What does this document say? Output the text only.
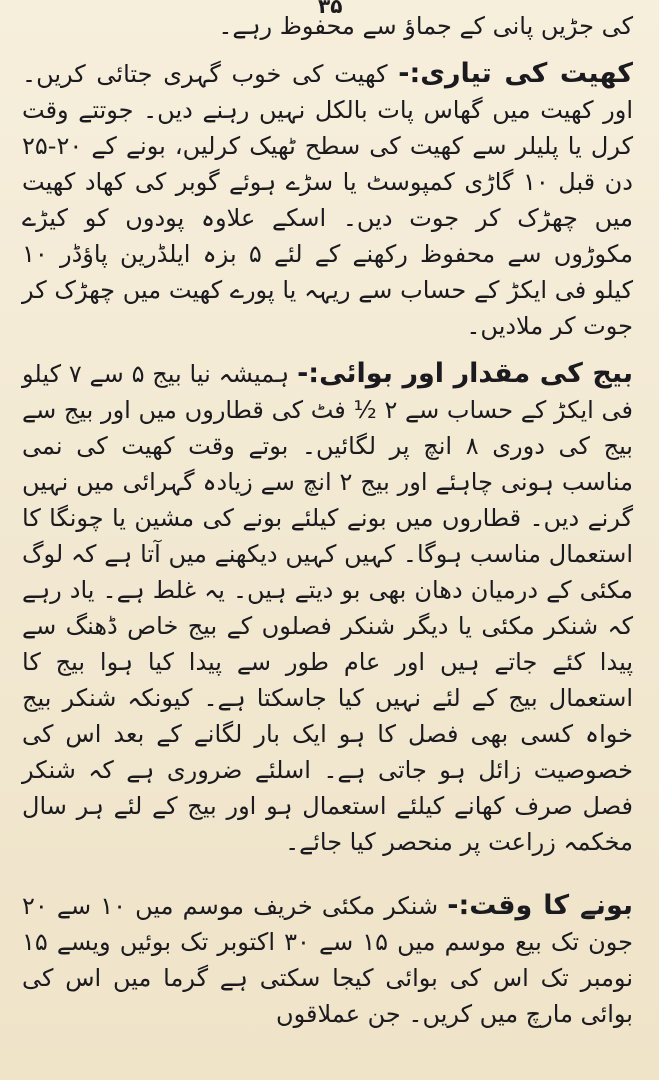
۳۵

کی جڑیں پانی کے جماؤ سے محفوظ رہے۔

کھیت کی تیاری:- کھیت کی خوب گہری جتائی کریں۔ اور کھیت میں گھاس پات بالکل نہیں رہنے دیں۔ جوتتے وقت کرل یا پلیلر سے کھیت کی سطح ٹھیک کرلیں، بونے کے ۲۰-۲۵ دن قبل ۱۰ گاڑی کمپوسٹ یا سڑے ہوئے گوبر کی کھاد کھیت میں چھڑک کر جوت دیں۔ اسکے علاوہ پودوں کو کیڑے مکوڑوں سے محفوظ رکھنے کے لئے ۵ بزہ ایلڈرین پاؤڈر ۱۰ کیلو فی ایکڑ کے حساب سے ریہہ یا پورے کھیت میں چھڑک کر جوت کر ملادیں۔

بیج کی مقدار اور بوائی:- ہمیشہ نیا بیج ۵ سے ۷ کیلو فی ایکڑ کے حساب سے ۲ ½ فٹ کی قطاروں میں اور بیج سے بیج کی دوری ۸ انچ پر لگائیں۔ بوتے وقت کھیت کی نمی مناسب ہونی چاہئے اور بیج ۲ انچ سے زیادہ گہرائی میں نہیں گرنے دیں۔ قطاروں میں بونے کیلئے بونے کی مشین یا چونگا کا استعمال مناسب ہوگا۔ کہیں کہیں دیکھنے میں آتا ہے کہ لوگ مکئی کے درمیان دھان بھی بو دیتے ہیں۔ یہ غلط ہے۔ یاد رہے کہ شنکر مکئی یا دیگر شنکر فصلوں کے بیج خاص ڈھنگ سے پیدا کئے جاتے ہیں اور عام طور سے پیدا کیا ہوا بیج کا استعمال بیج کے لئے نہیں کیا جاسکتا ہے۔ کیونکہ شنکر بیج خواہ کسی بھی فصل کا ہو ایک بار لگانے کے بعد اس کی خصوصیت زائل ہو جاتی ہے۔ اسلئے ضروری ہے کہ شنکر فصل صرف کھانے کیلئے استعمال ہو اور بیج کے لئے ہر سال مخکمہ زراعت پر منحصر کیا جائے۔

بونے کا وقت:- شنکر مکئی خریف موسم میں ۱۰ سے ۲۰ جون تک بیع موسم میں ۱۵ سے ۳۰ اکتوبر تک بوئیں ویسے ۱۵ نومبر تک اس کی بوائی کیجا سکتی ہے گرما میں اس کی بوائی مارچ میں کریں۔ جن عملاقوں
